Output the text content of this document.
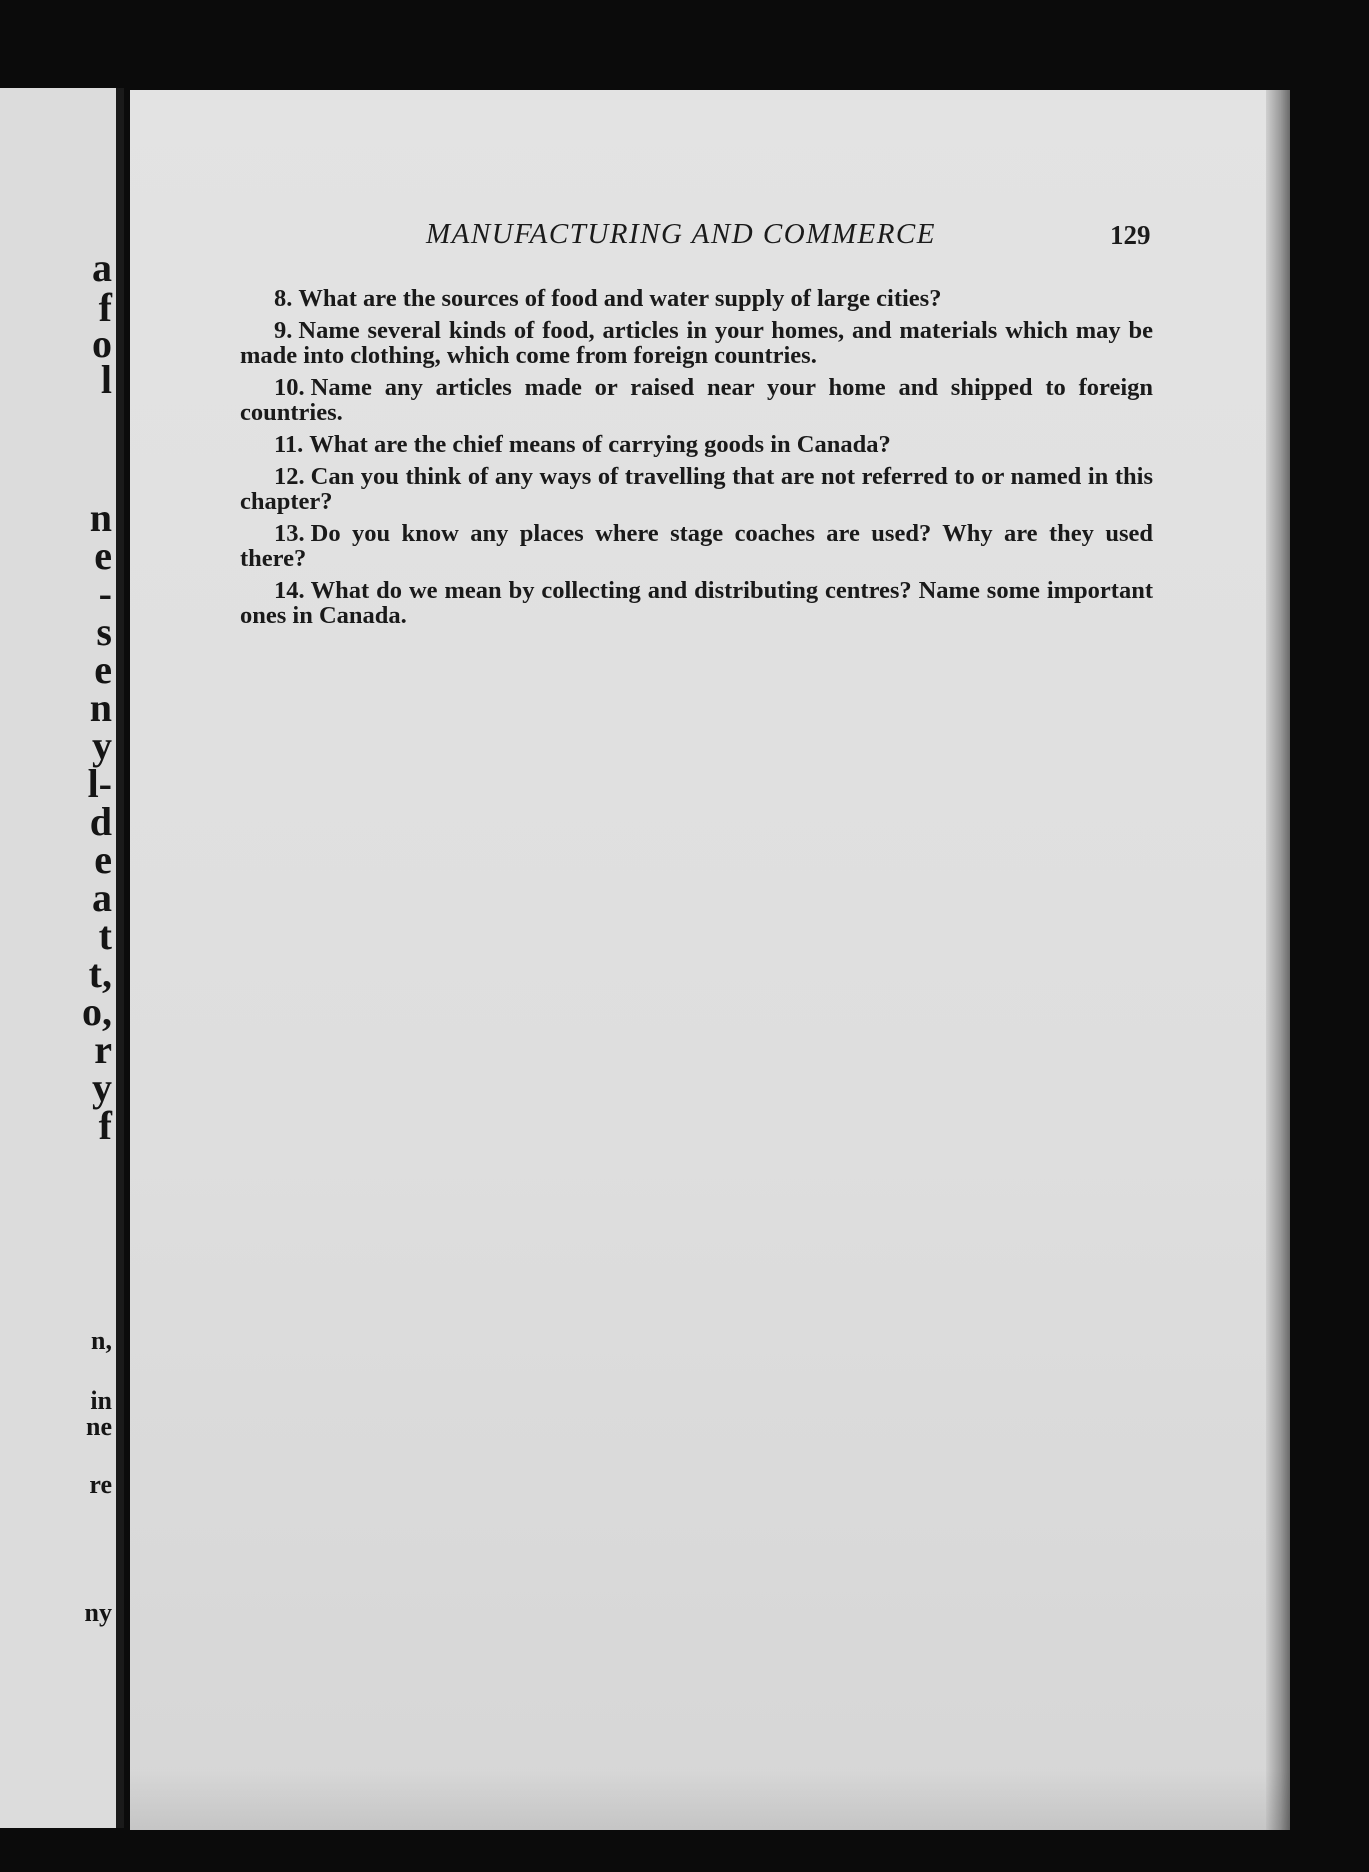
a
f
o
l
n
e
-
s
e
n
y
l-
d
e
a
t
t,
o,
r
y
f
n,
in
ne
re
ny
MANUFACTURING AND COMMERCE	129
8. What are the sources of food and water supply of large cities?
9. Name several kinds of food, articles in your homes, and materials which may be made into clothing, which come from foreign countries.
10. Name any articles made or raised near your home and shipped to foreign countries.
11. What are the chief means of carrying goods in Canada?
12. Can you think of any ways of travelling that are not referred to or named in this chapter?
13. Do you know any places where stage coaches are used? Why are they used there?
14. What do we mean by collecting and distributing centres? Name some important ones in Canada.
